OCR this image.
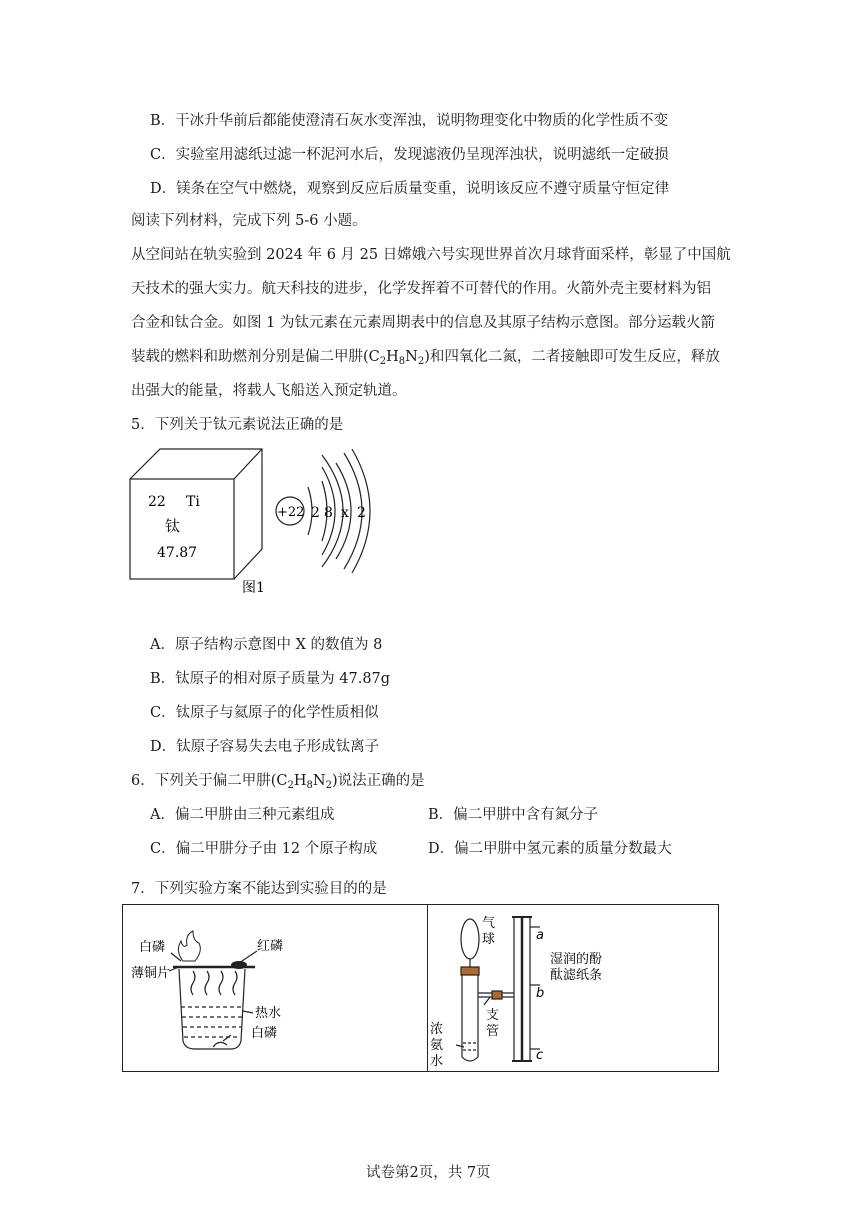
B．干冰升华前后都能使澄清石灰水变浑浊，说明物理变化中物质的化学性质不变
C．实验室用滤纸过滤一杯泥河水后，发现滤液仍呈现浑浊状，说明滤纸一定破损
D．镁条在空气中燃烧，观察到反应后质量变重，说明该反应不遵守质量守恒定律
阅读下列材料，完成下列 5-6 小题。
从空间站在轨实验到 2024 年 6 月 25 日嫦娥六号实现世界首次月球背面采样，彰显了中国航
天技术的强大实力。航天科技的进步，化学发挥着不可替代的作用。火箭外壳主要材料为铝
合金和钛合金。如图 1 为钛元素在元素周期表中的信息及其原子结构示意图。部分运载火箭
装载的燃料和助燃剂分别是偏二甲肼$(C_2H_8N_2)$和四氧化二氮，二者接触即可发生反应，释放
出强大的能量，将载人飞船送入预定轨道。
5．下列关于钛元素说法正确的是
22 Ti
钛
47.87
+22 2 8 x 2
图1
A．原子结构示意图中 X 的数值为 8
B．钛原子的相对原子质量为 47.87g
C．钛原子与氦原子的化学性质相似
D．钛原子容易失去电子形成钛离子
6．下列关于偏二甲肼$(C_2H_8N_2)$说法正确的是
A．偏二甲肼由三种元素组成	B．偏二甲肼中含有氮分子
C．偏二甲肼分子由 12 个原子构成	D．偏二甲肼中氢元素的质量分数最大
7．下列实验方案不能达到实验目的的是
白磷	红磷
薄铜片
热水
白磷
气球	a
b
c
湿润的酚酞滤纸条
支管
浓氨水
试卷第2页，共 7页
